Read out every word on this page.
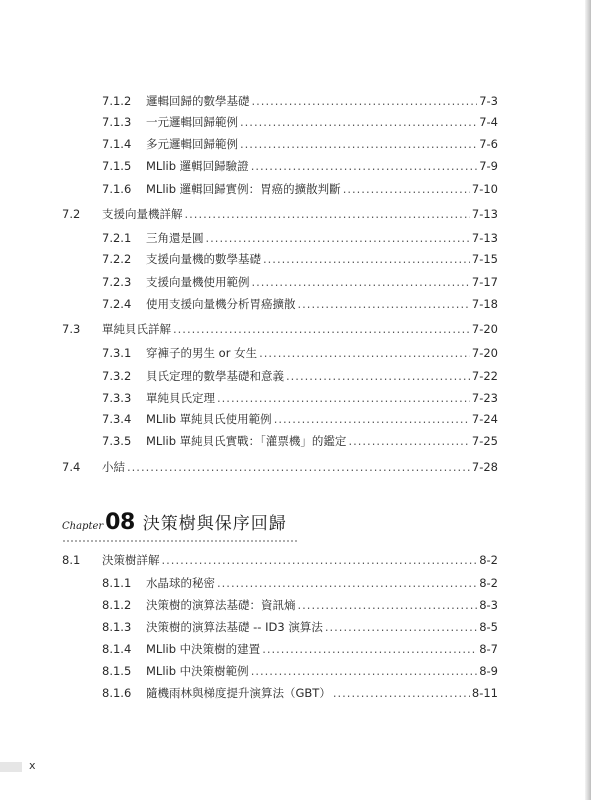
7.1.2 邏輯回歸的數學基礎 .....	7-3
7.1.3 一元邏輯回歸範例 .....	7-4
7.1.4 多元邏輯回歸範例 .....	7-6
7.1.5 MLlib 邏輯回歸驗證 .....	7-9
7.1.6 MLlib 邏輯回歸實例：胃癌的擴散判斷 .....	7-10
7.2 支援向量機詳解 .....	7-13
7.2.1 三角還是圓 .....	7-13
7.2.2 支援向量機的數學基礎 .....	7-15
7.2.3 支援向量機使用範例 .....	7-17
7.2.4 使用支援向量機分析胃癌擴散 .....	7-18
7.3 單純貝氏詳解 .....	7-20
7.3.1 穿褲子的男生 or 女生 .....	7-20
7.3.2 貝氏定理的數學基礎和意義 .....	7-22
7.3.3 單純貝氏定理 .....	7-23
7.3.4 MLlib 單純貝氏使用範例 .....	7-24
7.3.5 MLlib 單純貝氏實戰：「灌票機」的鑑定 .....	7-25
7.4 小結 .....	7-28
Chapter 08 決策樹與保序回歸
8.1 決策樹詳解 .....	8-2
8.1.1 水晶球的秘密 .....	8-2
8.1.2 決策樹的演算法基礎：資訊熵 .....	8-3
8.1.3 決策樹的演算法基礎 -- ID3 演算法 .....	8-5
8.1.4 MLlib 中決策樹的建置 .....	8-7
8.1.5 MLlib 中決策樹範例 .....	8-9
8.1.6 隨機雨林與梯度提升演算法（GBT） .....	8-11
x
